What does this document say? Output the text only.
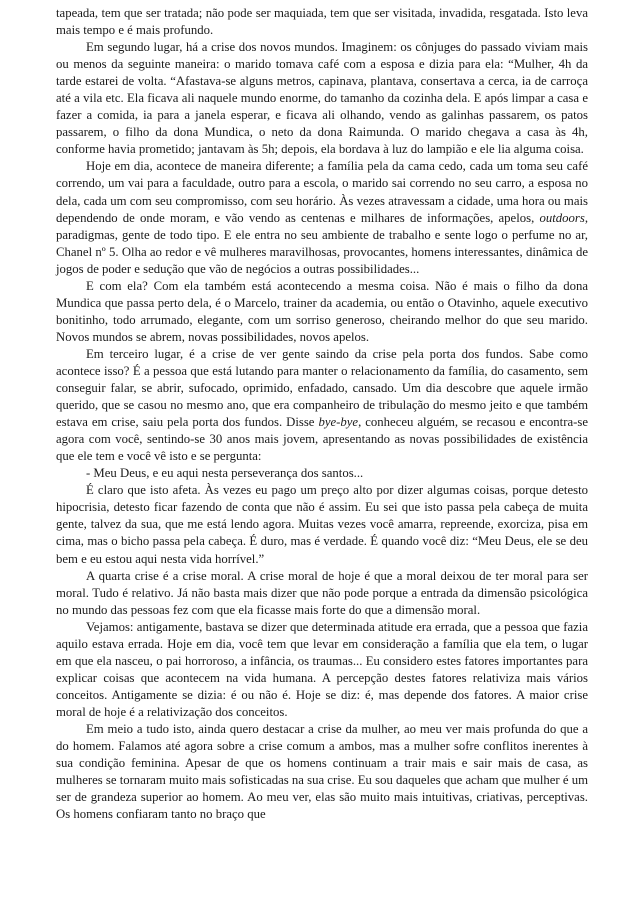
tapeada, tem que ser tratada; não pode ser maquiada, tem que ser visitada, invadida, resgatada. Isto leva mais tempo e é mais profundo.

Em segundo lugar, há a crise dos novos mundos. Imaginem: os cônjuges do passado viviam mais ou menos da seguinte maneira: o marido tomava café com a esposa e dizia para ela: “Mulher, 4h da tarde estarei de volta. “Afastava-se alguns metros, capinava, plantava, consertava a cerca, ia de carroça até a vila etc. Ela ficava ali naquele mundo enorme, do tamanho da cozinha dela. E após limpar a casa e fazer a comida, ia para a janela esperar, e ficava ali olhando, vendo as galinhas passarem, os patos passarem, o filho da dona Mundica, o neto da dona Raimunda. O marido chegava a casa às 4h, conforme havia prometido; jantavam às 5h; depois, ela bordava à luz do lampião e ele lia alguma coisa.

Hoje em dia, acontece de maneira diferente; a família pela da cama cedo, cada um toma seu café correndo, um vai para a faculdade, outro para a escola, o marido sai correndo no seu carro, a esposa no dela, cada um com seu compromisso, com seu horário. Às vezes atravessam a cidade, uma hora ou mais dependendo de onde moram, e vão vendo as centenas e milhares de informações, apelos, outdoors, paradigmas, gente de todo tipo. E ele entra no seu ambiente de trabalho e sente logo o perfume no ar, Chanel nº 5. Olha ao redor e vê mulheres maravilhosas, provocantes, homens interessantes, dinâmica de jogos de poder e sedução que vão de negócios a outras possibilidades...

E com ela? Com ela também está acontecendo a mesma coisa. Não é mais o filho da dona Mundica que passa perto dela, é o Marcelo, trainer da academia, ou então o Otavinho, aquele executivo bonitinho, todo arrumado, elegante, com um sorriso generoso, cheirando melhor do que seu marido. Novos mundos se abrem, novas possibilidades, novos apelos.

Em terceiro lugar, é a crise de ver gente saindo da crise pela porta dos fundos. Sabe como acontece isso? É a pessoa que está lutando para manter o relacionamento da família, do casamento, sem conseguir falar, se abrir, sufocado, oprimido, enfadado, cansado. Um dia descobre que aquele irmão querido, que se casou no mesmo ano, que era companheiro de tribulação do mesmo jeito e que também estava em crise, saiu pela porta dos fundos. Disse bye-bye, conheceu alguém, se recasou e encontra-se agora com você, sentindo-se 30 anos mais jovem, apresentando as novas possibilidades de existência que ele tem e você vê isto e se pergunta:

- Meu Deus, e eu aqui nesta perseverança dos santos...

É claro que isto afeta. Às vezes eu pago um preço alto por dizer algumas coisas, porque detesto hipocrisia, detesto ficar fazendo de conta que não é assim. Eu sei que isto passa pela cabeça de muita gente, talvez da sua, que me está lendo agora. Muitas vezes você amarra, repreende, exorciza, pisa em cima, mas o bicho passa pela cabeça. É duro, mas é verdade. É quando você diz: “Meu Deus, ele se deu bem e eu estou aqui nesta vida horrível.”

A quarta crise é a crise moral. A crise moral de hoje é que a moral deixou de ter moral para ser moral. Tudo é relativo. Já não basta mais dizer que não pode porque a entrada da dimensão psicológica no mundo das pessoas fez com que ela ficasse mais forte do que a dimensão moral.

Vejamos: antigamente, bastava se dizer que determinada atitude era errada, que a pessoa que fazia aquilo estava errada. Hoje em dia, você tem que levar em consideração a família que ela tem, o lugar em que ela nasceu, o pai horroroso, a infância, os traumas... Eu considero estes fatores importantes para explicar coisas que acontecem na vida humana. A percepção destes fatores relativiza mais vários conceitos. Antigamente se dizia: é ou não é. Hoje se diz: é, mas depende dos fatores. A maior crise moral de hoje é a relativização dos conceitos.

Em meio a tudo isto, ainda quero destacar a crise da mulher, ao meu ver mais profunda do que a do homem. Falamos até agora sobre a crise comum a ambos, mas a mulher sofre conflitos inerentes à sua condição feminina. Apesar de que os homens continuam a trair mais e sair mais de casa, as mulheres se tornaram muito mais sofisticadas na sua crise. Eu sou daqueles que acham que mulher é um ser de grandeza superior ao homem. Ao meu ver, elas são muito mais intuitivas, criativas, perceptivas. Os homens confiaram tanto no braço que
